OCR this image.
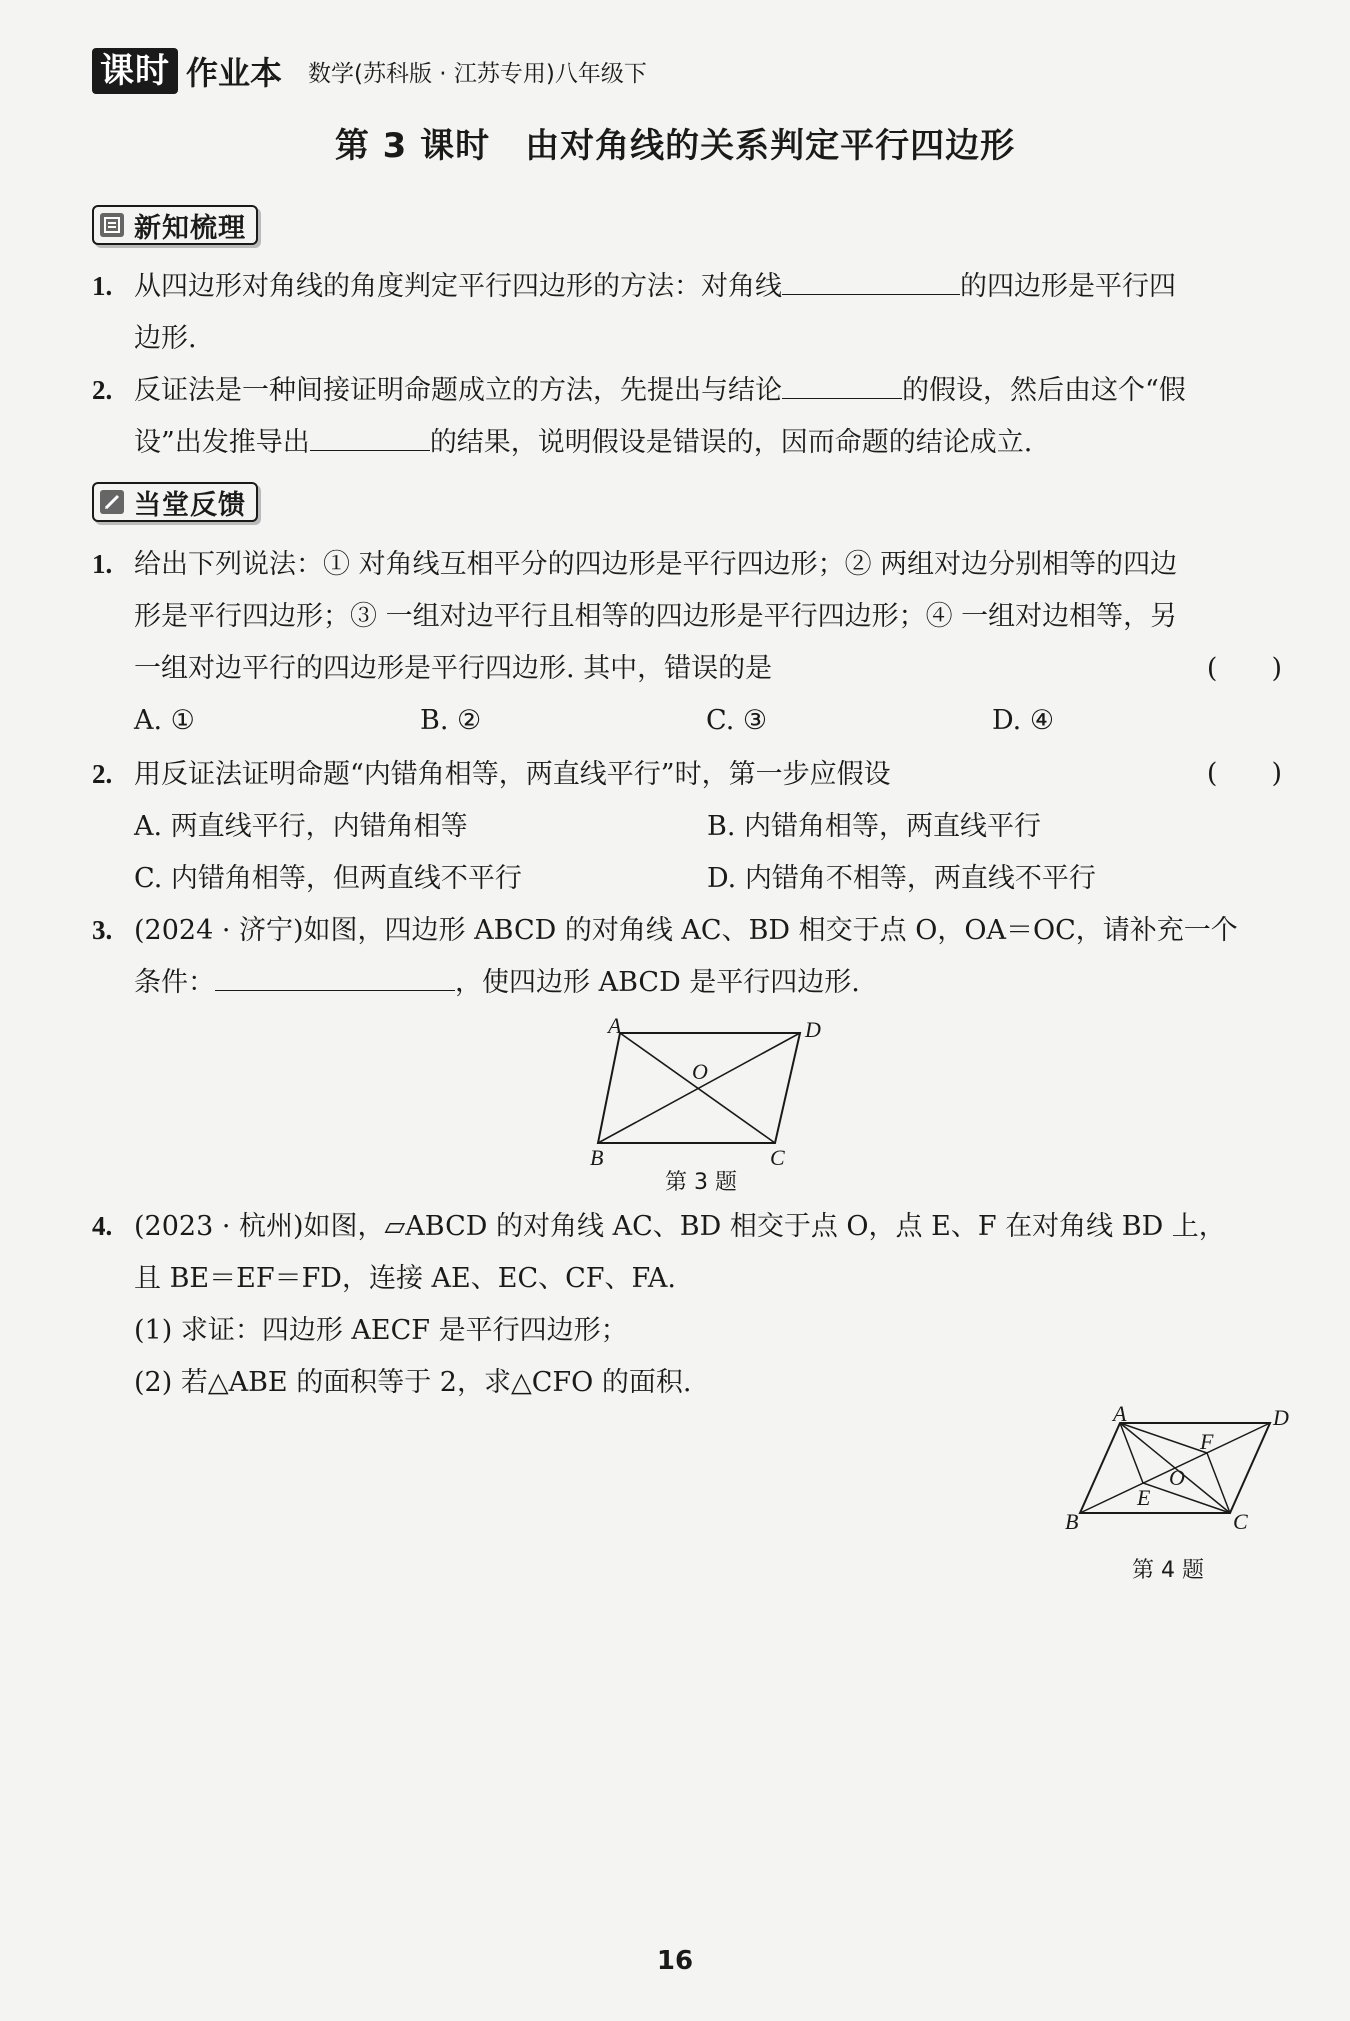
课时 作业本 数学(苏科版 · 江苏专用)八年级下
第 3 课时　由对角线的关系判定平行四边形
新知梳理
1. 从四边形对角线的角度判定平行四边形的方法：对角线	的四边形是平行四
边形.
2. 反证法是一种间接证明命题成立的方法，先提出与结论	的假设，然后由这个“假
设”出发推导出	的结果，说明假设是错误的，因而命题的结论成立.
当堂反馈
1. 给出下列说法：① 对角线互相平分的四边形是平行四边形；② 两组对边分别相等的四边
形是平行四边形；③ 一组对边平行且相等的四边形是平行四边形；④ 一组对边相等，另
一组对边平行的四边形是平行四边形. 其中，错误的是	(　　)
A. ①	B. ②	C. ③	D. ④
2. 用反证法证明命题“内错角相等，两直线平行”时，第一步应假设	(　　)
A. 两直线平行，内错角相等	B. 内错角相等，两直线平行
C. 内错角相等，但两直线不平行	D. 内错角不相等，两直线不平行
3. (2024 · 济宁)如图，四边形 ABCD 的对角线 AC、BD 相交于点 O，OA＝OC，请补充一个
条件：	，使四边形 ABCD 是平行四边形.
A	D
B	C
O
第 3 题
4. (2023 · 杭州)如图，▱ABCD 的对角线 AC、BD 相交于点 O，点 E、F 在对角线 BD 上，
且 BE＝EF＝FD，连接 AE、EC、CF、FA.
(1) 求证：四边形 AECF 是平行四边形；
(2) 若△ABE 的面积等于 2，求△CFO 的面积.
A	D
B	C
E
F
O
第 4 题
16
